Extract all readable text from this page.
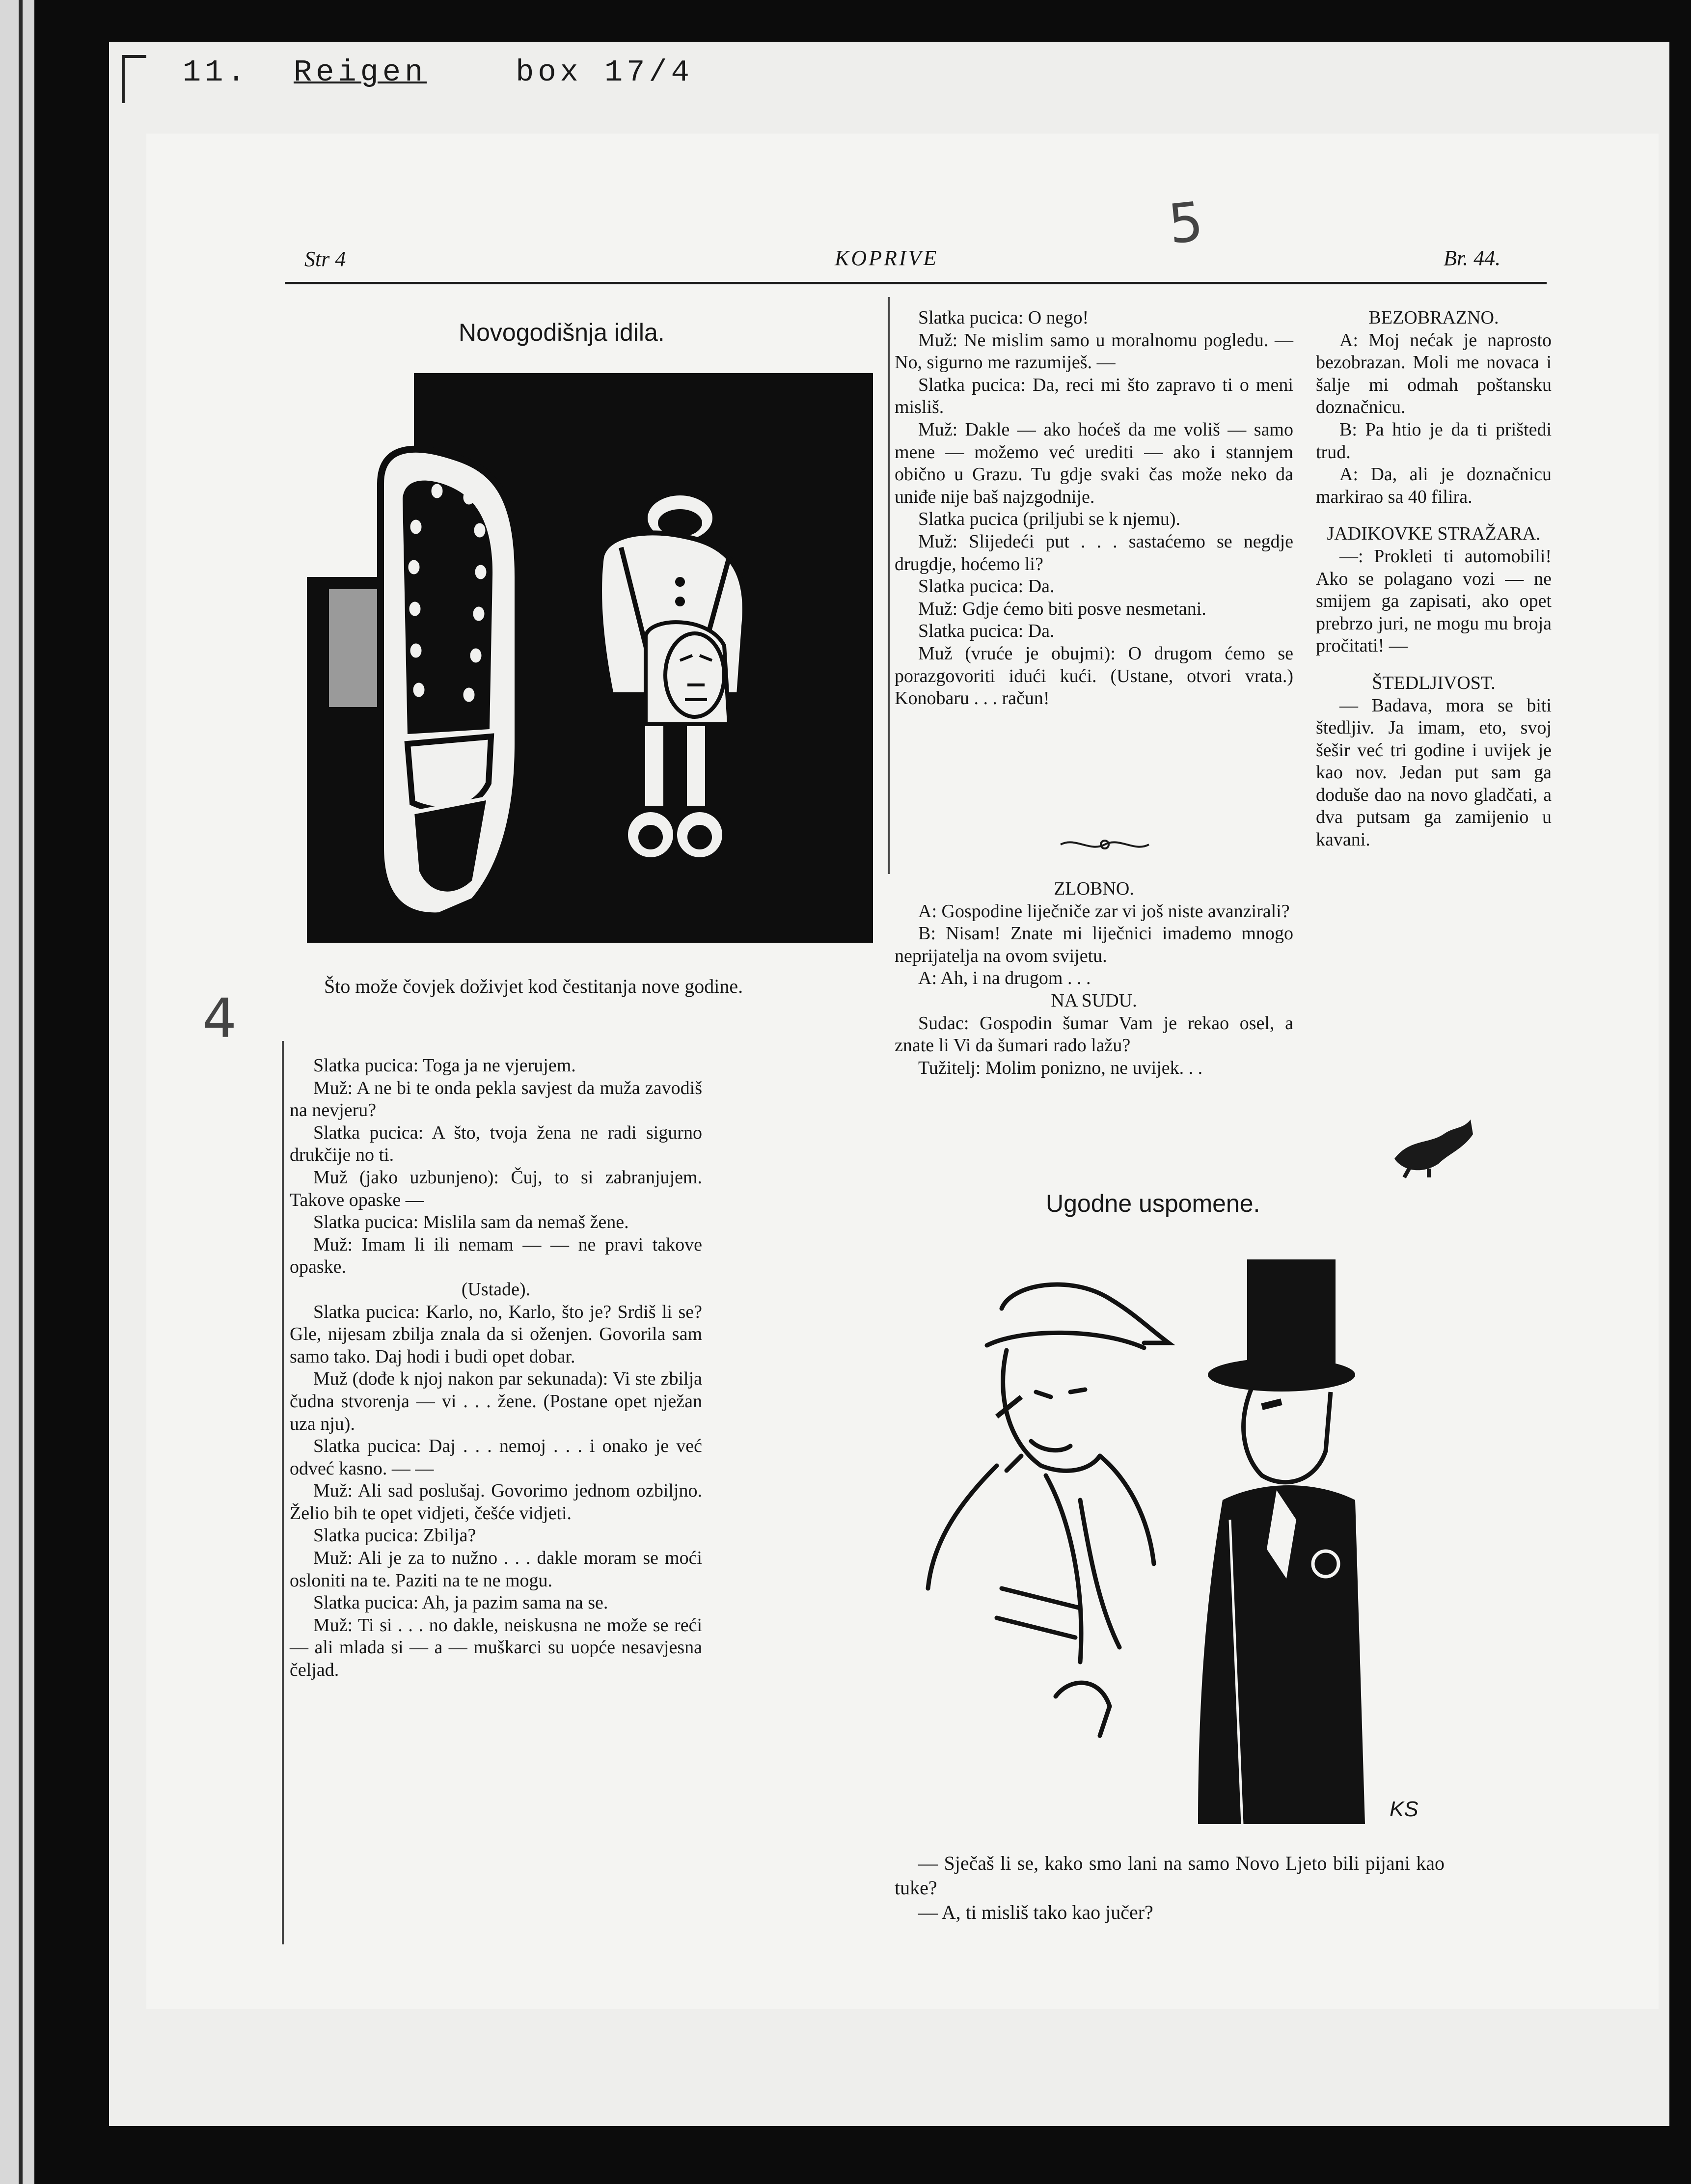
11. Reigen	box 17/4
5
4
Str 4	KOPRIVE	Br. 44.
Novogodišnja idila.
Što može čovjek doživjet kod čestitanja nove godine.

Slatka pucica: Toga ja ne vjerujem.

Muž: A ne bi te onda pekla savjest da muža zavodiš na nevjeru?

Slatka pucica: A što, tvoja žena ne radi sigurno drukčije no ti.

Muž (jako uzbunjeno): Čuj, to si zabranjujem. Takove opaske —

Slatka pucica: Mislila sam da nemaš žene.

Muž: Imam li ili nemam — — ne pravi takove opaske.

(Ustade).

Slatka pucica: Karlo, no, Karlo, što je? Srdiš li se? Gle, nijesam zbilja znala da si oženjen. Govorila sam samo tako. Daj hodi i budi opet dobar.

Muž (dođe k njoj nakon par sekunada): Vi ste zbilja čudna stvorenja — vi . . . žene. (Postane opet nježan uza nju).

Slatka pucica: Daj . . . nemoj . . . i onako je već odveć kasno. — —

Muž: Ali sad poslušaj. Govorimo jednom ozbiljno. Želio bih te opet vidjeti, češće vidjeti.

Slatka pucica: Zbilja?

Muž: Ali je za to nužno . . . dakle moram se moći osloniti na te. Paziti na te ne mogu.

Slatka pucica: Ah, ja pazim sama na se.

Muž: Ti si . . . no dakle, neiskusna ne može se reći — ali mlada si — a — muškarci su uopće nesavjesna čeljad.

Slatka pucica: O nego!

Muž: Ne mislim samo u moralnomu pogledu. — No, sigurno me razumiješ. —

Slatka pucica: Da, reci mi što zapravo ti o meni misliš.

Muž: Dakle — ako hoćeš da me voliš — samo mene — možemo već urediti — ako i stannjem obično u Grazu. Tu gdje svaki čas može neko da uniđe nije baš najzgodnije.

Slatka pucica (priljubi se k njemu).

Muž: Slijedeći put . . . sastaćemo se negdje drugdje, hoćemo li?

Slatka pucica: Da.

Muž: Gdje ćemo biti posve nesmetani.

Slatka pucica: Da.

Muž (vruće je obujmi): O drugom ćemo se porazgovoriti idući kući. (Ustane, otvori vrata.) Konobaru . . . račun!

ZLOBNO.

A: Gospodine liječniče zar vi još niste avanzirali?

B: Nisam! Znate mi liječnici imademo mnogo neprijatelja na ovom svijetu.

A: Ah, i na drugom . . .

NA SUDU.

Sudac: Gospodin šumar Vam je rekao osel, a znate li Vi da šumari rado lažu?

Tužitelj: Molim ponizno, ne uvijek. . .

BEZOBRAZNO.

A: Moj nećak je naprosto bezobrazan. Moli me novaca i šalje mi odmah poštansku doznačnicu.

B: Pa htio je da ti prištedi trud.

A: Da, ali je doznačnicu markirao sa 40 filira.

JADIKOVKE STRAŽARA.

—: Prokleti ti automobili! Ako se polagano vozi — ne smijem ga zapisati, ako opet prebrzo juri, ne mogu mu broja pročitati! —

ŠTEDLJIVOST.

— Badava, mora se biti štedljiv. Ja imam, eto, svoj šešir već tri godine i uvijek je kao nov. Jedan put sam ga doduše dao na novo gladčati, a dva putsam ga zamijenio u kavani.

Ugodne uspomene.
KS

— Sječaš li se, kako smo lani na samo Novo Ljeto bili pijani kao tuke?

— A, ti misliš tako kao jučer?
